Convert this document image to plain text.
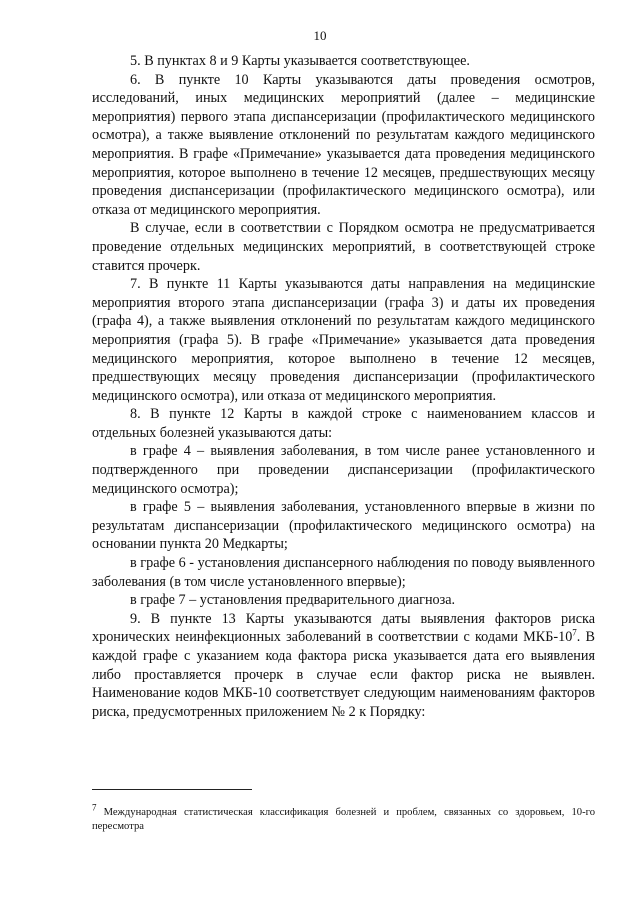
10

5. В пунктах 8 и 9 Карты указывается соответствующее.

6. В пункте 10 Карты указываются даты проведения осмотров, исследований, иных медицинских мероприятий (далее – медицинские мероприятия) первого этапа диспансеризации (профилактического медицинского осмотра), а также выявление отклонений по результатам каждого медицинского мероприятия. В графе «Примечание» указывается дата проведения медицинского мероприятия, которое выполнено в течение 12 месяцев, предшествующих месяцу проведения диспансеризации (профилактического медицинского осмотра), или отказа от медицинского мероприятия.

В случае, если в соответствии с Порядком осмотра не предусматривается проведение отдельных медицинских мероприятий, в соответствующей строке ставится прочерк.

7. В пункте 11 Карты указываются даты направления на медицинские мероприятия второго этапа диспансеризации (графа 3) и даты их проведения (графа 4), а также выявления отклонений по результатам каждого медицинского мероприятия (графа 5). В графе «Примечание» указывается дата проведения медицинского мероприятия, которое выполнено в течение 12 месяцев, предшествующих месяцу проведения диспансеризации (профилактического медицинского осмотра), или отказа от медицинского мероприятия.

8. В пункте 12 Карты в каждой строке с наименованием классов и отдельных болезней указываются даты:

в графе 4 – выявления заболевания, в том числе ранее установленного и подтвержденного при проведении диспансеризации (профилактического медицинского осмотра);

в графе 5 – выявления заболевания, установленного впервые в жизни по результатам диспансеризации (профилактического медицинского осмотра) на основании пункта 20 Медкарты;

в графе 6 - установления диспансерного наблюдения по поводу выявленного заболевания (в том числе установленного впервые);

в графе 7 – установления предварительного диагноза.

9. В пункте 13 Карты указываются даты выявления факторов риска хронических неинфекционных заболеваний в соответствии с кодами МКБ-$10^7$. В каждой графе с указанием кода фактора риска указывается дата его выявления либо проставляется прочерк в случае если фактор риска не выявлен. Наименование кодов МКБ-10 соответствует следующим наименованиям факторов риска, предусмотренных приложением № 2 к Порядку:

$^7$ Международная статистическая классификация болезней и проблем, связанных со здоровьем, 10-го пересмотра
